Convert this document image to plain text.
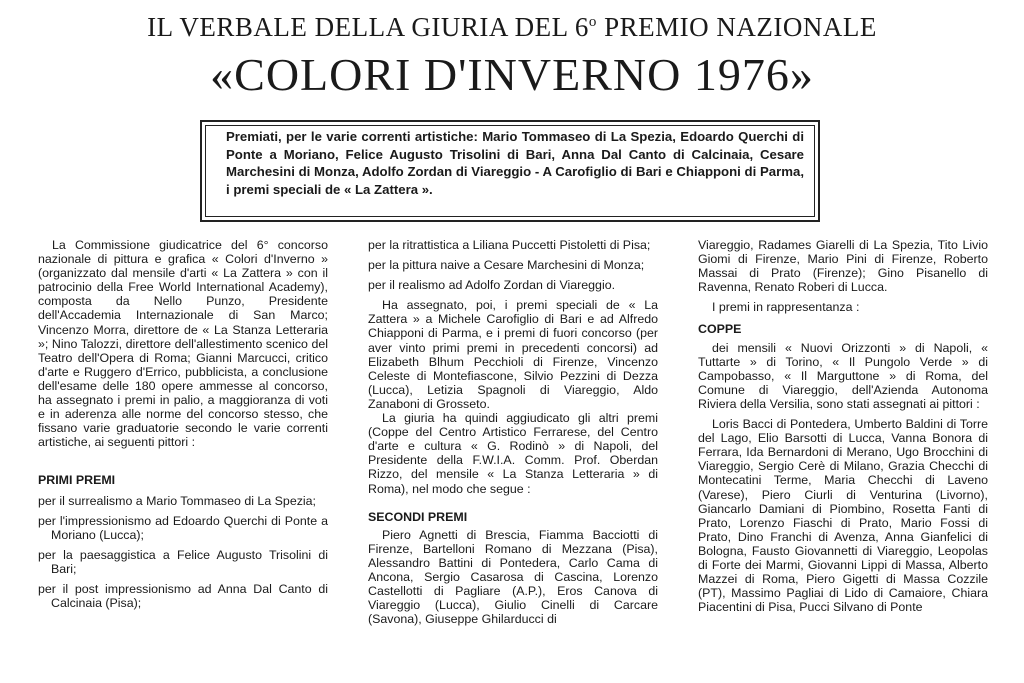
IL VERBALE DELLA GIURIA DEL 6$^o$ PREMIO NAZIONALE
«COLORI D'INVERNO 1976»

Premiati, per le varie correnti artistiche: Mario Tommaseo di La Spezia, Edoardo Querchi di Ponte a Moriano, Felice Augusto Trisolini di Bari, Anna Dal Canto di Calcinaia, Cesare Marchesini di Monza, Adolfo Zordan di Viareggio - A Carofiglio di Bari e Chiapponi di Parma, i premi speciali de « La Zattera ».

La Commissione giudicatrice del 6° concorso nazionale di pittura e grafica « Colori d'Inverno » (organizzato dal mensile d'arti « La Zattera » con il patrocinio della Free World International Academy), composta da Nello Punzo, Presidente dell'Accademia Internazionale di San Marco; Vincenzo Morra, direttore de « La Stanza Letteraria »; Nino Talozzi, direttore dell'allestimento scenico del Teatro dell'Opera di Roma; Gianni Marcucci, critico d'arte e Ruggero d'Errico, pubblicista, a conclusione dell'esame delle 180 opere ammesse al concorso, ha assegnato i premi in palio, a maggioranza di voti e in aderenza alle norme del concorso stesso, che fissano varie graduatorie secondo le varie correnti artistiche, ai seguenti pittori :

PRIMI PREMI

per il surrealismo a Mario Tommaseo di La Spezia;

per l'impressionismo ad Edoardo Querchi di Ponte a Moriano (Lucca);

per la paesaggistica a Felice Augusto Trisolini di Bari;

per il post impressionismo ad Anna Dal Canto di Calcinaia (Pisa);

per la ritrattistica a Liliana Puccetti Pistoletti di Pisa;

per la pittura naive a Cesare Marchesini di Monza;

per il realismo ad Adolfo Zordan di Viareggio.

Ha assegnato, poi, i premi speciali de « La Zattera » a Michele Carofiglio di Bari e ad Alfredo Chiapponi di Parma, e i premi di fuori concorso (per aver vinto primi premi in precedenti concorsi) ad Elizabeth Blhum Pecchioli di Firenze, Vincenzo Celeste di Montefiascone, Silvio Pezzini di Dezza (Lucca), Letizia Spagnoli di Viareggio, Aldo Zanaboni di Grosseto.

La giuria ha quindi aggiudicato gli altri premi (Coppe del Centro Artistico Ferrarese, del Centro d'arte e cultura « G. Rodinò » di Napoli, del Presidente della F.W.I.A. Comm. Prof. Oberdan Rizzo, del mensile « La Stanza Letteraria » di Roma), nel modo che segue :

SECONDI PREMI

Piero Agnetti di Brescia, Fiamma Bacciotti di Firenze, Bartelloni Romano di Mezzana (Pisa), Alessandro Battini di Pontedera, Carlo Cama di Ancona, Sergio Casarosa di Cascina, Lorenzo Castellotti di Pagliare (A.P.), Eros Canova di Viareggio (Lucca), Giulio Cinelli di Carcare (Savona), Giuseppe Ghilarducci di

Viareggio, Radames Giarelli di La Spezia, Tito Livio Giomi di Firenze, Mario Pini di Firenze, Roberto Massai di Prato (Firenze); Gino Pisanello di Ravenna, Renato Roberi di Lucca.

I premi in rappresentanza :

COPPE

dei mensili « Nuovi Orizzonti » di Napoli, « Tuttarte » di Torino, « Il Pungolo Verde » di Campobasso, « Il Marguttone » di Roma, del Comune di Viareggio, dell'Azienda Autonoma Riviera della Versilia, sono stati assegnati ai pittori :

Loris Bacci di Pontedera, Umberto Baldini di Torre del Lago, Elio Barsotti di Lucca, Vanna Bonora di Ferrara, Ida Bernardoni di Merano, Ugo Brocchini di Viareggio, Sergio Cerè di Milano, Grazia Checchi di Montecatini Terme, Maria Checchi di Laveno (Varese), Piero Ciurli di Venturina (Livorno), Giancarlo Damiani di Piombino, Rosetta Fanti di Prato, Lorenzo Fiaschi di Prato, Mario Fossi di Prato, Dino Franchi di Avenza, Anna Gianfelici di Bologna, Fausto Giovannetti di Viareggio, Leopolas di Forte dei Marmi, Giovanni Lippi di Massa, Alberto Mazzei di Roma, Piero Gigetti di Massa Cozzile (PT), Massimo Pagliai di Lido di Camaiore, Chiara Piacentini di Pisa, Pucci Silvano di Ponte
